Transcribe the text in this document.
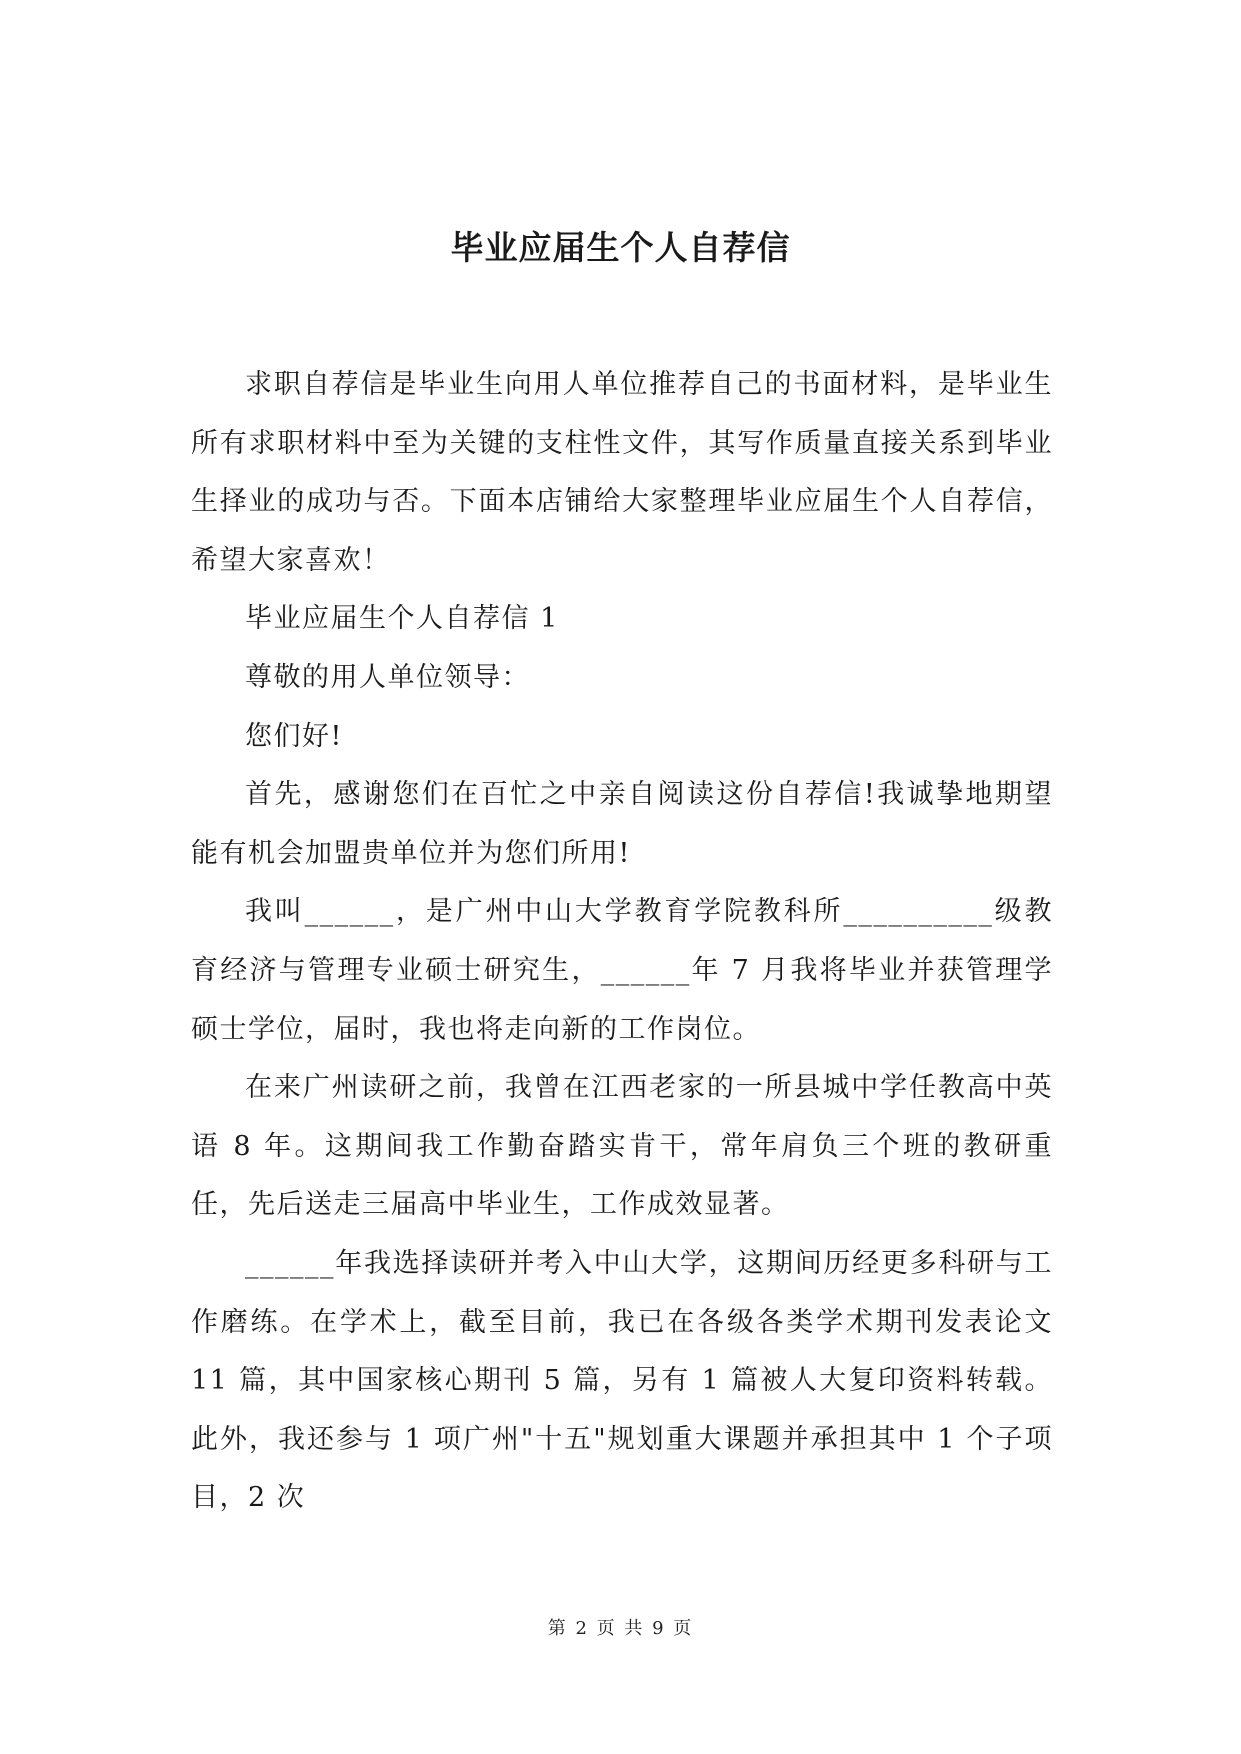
毕业应届生个人自荐信

求职自荐信是毕业生向用人单位推荐自己的书面材料，是毕业生所有求职材料中至为关键的支柱性文件，其写作质量直接关系到毕业生择业的成功与否。下面本店铺给大家整理毕业应届生个人自荐信，希望大家喜欢！

毕业应届生个人自荐信 1

尊敬的用人单位领导：

您们好!

首先，感谢您们在百忙之中亲自阅读这份自荐信!我诚挚地期望能有机会加盟贵单位并为您们所用!

我叫______，是广州中山大学教育学院教科所__________级教育经济与管理专业硕士研究生，______年 7 月我将毕业并获管理学硕士学位，届时，我也将走向新的工作岗位。

在来广州读研之前，我曾在江西老家的一所县城中学任教高中英语 8 年。这期间我工作勤奋踏实肯干，常年肩负三个班的教研重任，先后送走三届高中毕业生，工作成效显著。

______年我选择读研并考入中山大学，这期间历经更多科研与工作磨练。在学术上，截至目前，我已在各级各类学术期刊发表论文 11 篇，其中国家核心期刊 5 篇，另有 1 篇被人大复印资料转载。此外，我还参与 1 项广州"十五"规划重大课题并承担其中 1 个子项目，2 次

第 2 页 共 9 页
